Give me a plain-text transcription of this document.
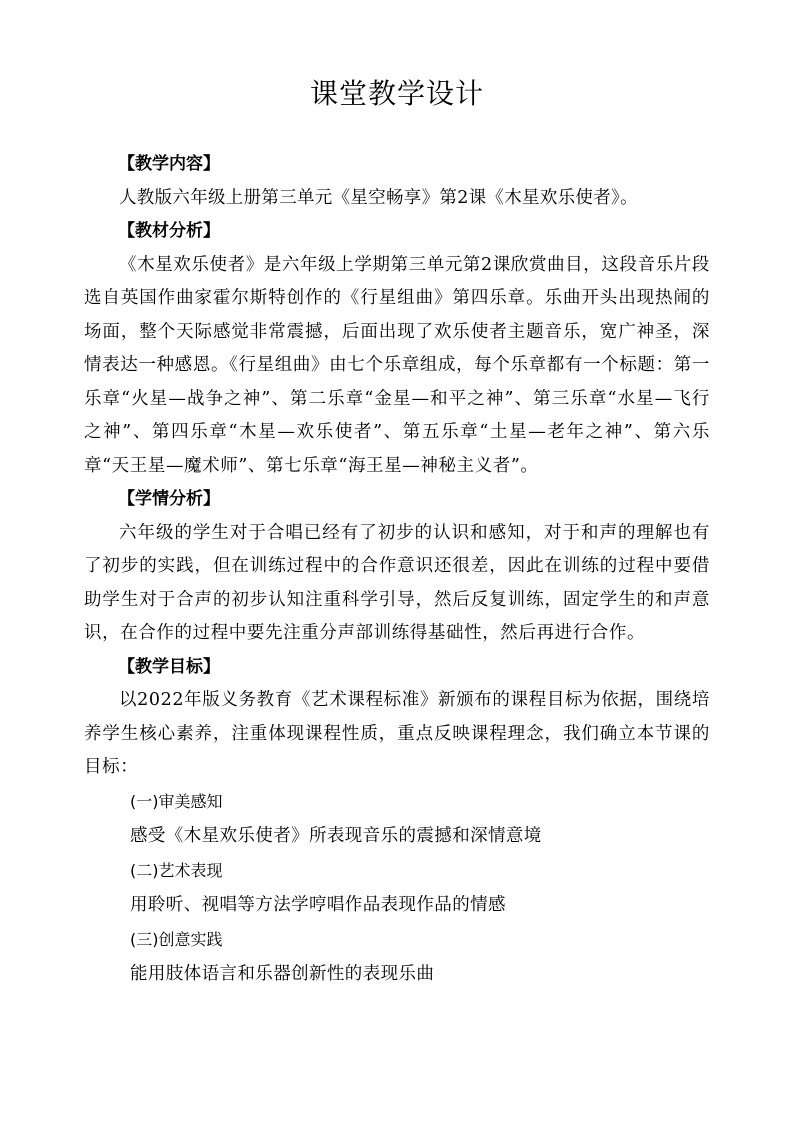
课堂教学设计

【教学内容】

人教版六年级上册第三单元《星空畅享》第2课《木星欢乐使者》。

【教材分析】

《木星欢乐使者》是六年级上学期第三单元第2课欣赏曲目，这段音乐片段选自英国作曲家霍尔斯特创作的《行星组曲》第四乐章。乐曲开头出现热闹的场面，整个天际感觉非常震撼，后面出现了欢乐使者主题音乐，宽广神圣，深情表达一种感恩。《行星组曲》由七个乐章组成，每个乐章都有一个标题：第一乐章“火星—战争之神”、第二乐章“金星—和平之神”、第三乐章“水星—飞行之神”、第四乐章“木星—欢乐使者”、第五乐章“土星—老年之神”、第六乐章“天王星—魔术师”、第七乐章“海王星—神秘主义者”。

【学情分析】

六年级的学生对于合唱已经有了初步的认识和感知，对于和声的理解也有了初步的实践，但在训练过程中的合作意识还很差，因此在训练的过程中要借助学生对于合声的初步认知注重科学引导，然后反复训练，固定学生的和声意识，在合作的过程中要先注重分声部训练得基础性，然后再进行合作。

【教学目标】

以2022年版义务教育《艺术课程标准》新颁布的课程目标为依据，围绕培养学生核心素养，注重体现课程性质，重点反映课程理念，我们确立本节课的目标：

(一)审美感知

感受《木星欢乐使者》所表现音乐的震撼和深情意境

(二)艺术表现

用聆听、视唱等方法学哼唱作品表现作品的情感

(三)创意实践

能用肢体语言和乐器创新性的表现乐曲
